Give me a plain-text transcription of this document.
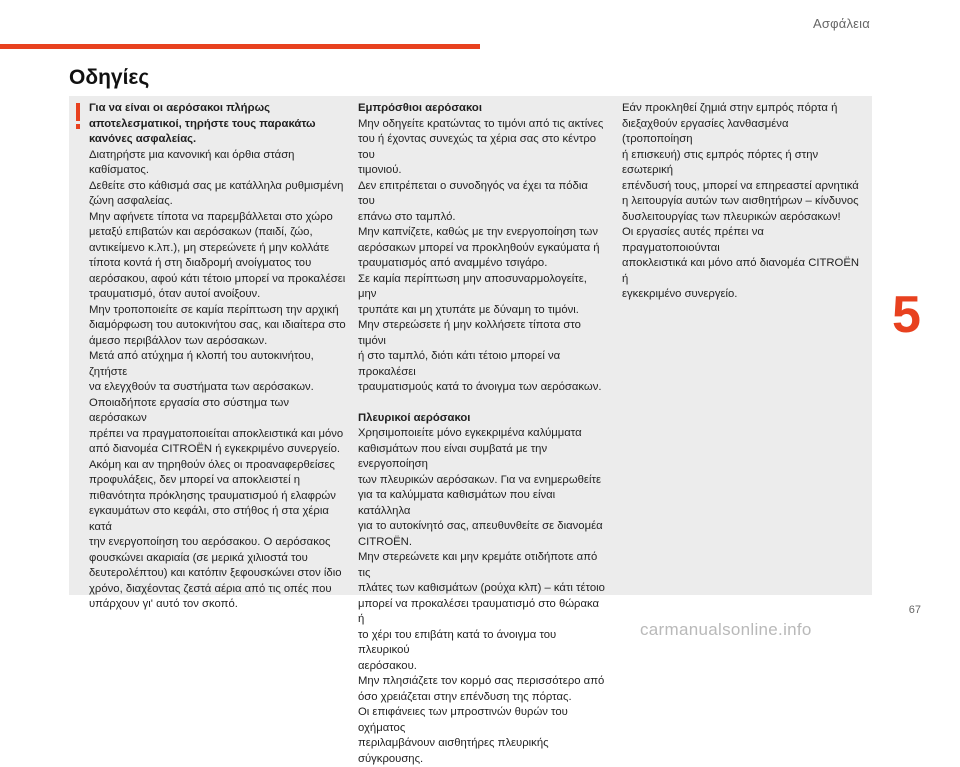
Ασφάλεια
Οδηγίες

Για να είναι οι αερόσακοι πλήρως
αποτελεσματικοί, τηρήστε τους παρακάτω
κανόνες ασφαλείας.

Διατηρήστε μια κανονική και όρθια στάση
καθίσματος.
Δεθείτε στο κάθισμά σας με κατάλληλα ρυθμισμένη
ζώνη ασφαλείας.
Μην αφήνετε τίποτα να παρεμβάλλεται στο χώρο
μεταξύ επιβατών και αερόσακων (παιδί, ζώο,
αντικείμενο κ.λπ.), μη στερεώνετε ή μην κολλάτε
τίποτα κοντά ή στη διαδρομή ανοίγματος του
αερόσακου, αφού κάτι τέτοιο μπορεί να προκαλέσει
τραυματισμό, όταν αυτοί ανοίξουν.
Μην τροποποιείτε σε καμία περίπτωση την αρχική
διαμόρφωση του αυτοκινήτου σας, και ιδιαίτερα στο
άμεσο περιβάλλον των αερόσακων.
Μετά από ατύχημα ή κλοπή του αυτοκινήτου, ζητήστε
να ελεγχθούν τα συστήματα των αερόσακων.
Οποιαδήποτε εργασία στο σύστημα των αερόσακων
πρέπει να πραγματοποιείται αποκλειστικά και μόνο
από διανομέα CITROËN ή εγκεκριμένο συνεργείο.
Ακόμη και αν τηρηθούν όλες οι προαναφερθείσες
προφυλάξεις, δεν μπορεί να αποκλειστεί η
πιθανότητα πρόκλησης τραυματισμού ή ελαφρών
εγκαυμάτων στο κεφάλι, στο στήθος ή στα χέρια κατά
την ενεργοποίηση του αερόσακου. Ο αερόσακος
φουσκώνει ακαριαία (σε μερικά χιλιοστά του
δευτερολέπτου) και κατόπιν ξεφουσκώνει στον ίδιο
χρόνο, διαχέοντας ζεστά αέρια από τις οπές που
υπάρχουν γι' αυτό τον σκοπό.

Εμπρόσθιοι αερόσακοι

Μην οδηγείτε κρατώντας το τιμόνι από τις ακτίνες
του ή έχοντας συνεχώς τα χέρια σας στο κέντρο του
τιμονιού.
Δεν επιτρέπεται ο συνοδηγός να έχει τα πόδια του
επάνω στο ταμπλό.
Μην καπνίζετε, καθώς με την ενεργοποίηση των
αερόσακων μπορεί να προκληθούν εγκαύματα ή
τραυματισμός από αναμμένο τσιγάρο.
Σε καμία περίπτωση μην αποσυναρμολογείτε, μην
τρυπάτε και μη χτυπάτε με δύναμη το τιμόνι.
Μην στερεώσετε ή μην κολλήσετε τίποτα στο τιμόνι
ή στο ταμπλό, διότι κάτι τέτοιο μπορεί να προκαλέσει
τραυματισμούς κατά το άνοιγμα των αερόσακων.

Πλευρικοί αερόσακοι

Χρησιμοποιείτε μόνο εγκεκριμένα καλύμματα
καθισμάτων που είναι συμβατά με την ενεργοποίηση
των πλευρικών αερόσακων. Για να ενημερωθείτε
για τα καλύμματα καθισμάτων που είναι κατάλληλα
για το αυτοκίνητό σας, απευθυνθείτε σε διανομέα
CITROËN.
Μην στερεώνετε και μην κρεμάτε οτιδήποτε από τις
πλάτες των καθισμάτων (ρούχα κλπ) – κάτι τέτοιο
μπορεί να προκαλέσει τραυματισμό στο θώρακα ή
το χέρι του επιβάτη κατά το άνοιγμα του πλευρικού
αερόσακου.
Μην πλησιάζετε τον κορμό σας περισσότερο από
όσο χρειάζεται στην επένδυση της πόρτας.
Οι επιφάνειες των μπροστινών θυρών του οχήματος
περιλαμβάνουν αισθητήρες πλευρικής σύγκρουσης.

Εάν προκληθεί ζημιά στην εμπρός πόρτα ή
διεξαχθούν εργασίες λανθασμένα (τροποποίηση
ή επισκευή) στις εμπρός πόρτες ή στην εσωτερική
επένδυσή τους, μπορεί να επηρεαστεί αρνητικά
η λειτουργία αυτών των αισθητήρων – κίνδυνος
δυσλειτουργίας των πλευρικών αερόσακων!
Οι εργασίες αυτές πρέπει να πραγματοποιούνται
αποκλειστικά και μόνο από διανομέα CITROËN ή
εγκεκριμένο συνεργείο.	5
67
carmanualsonline.info
